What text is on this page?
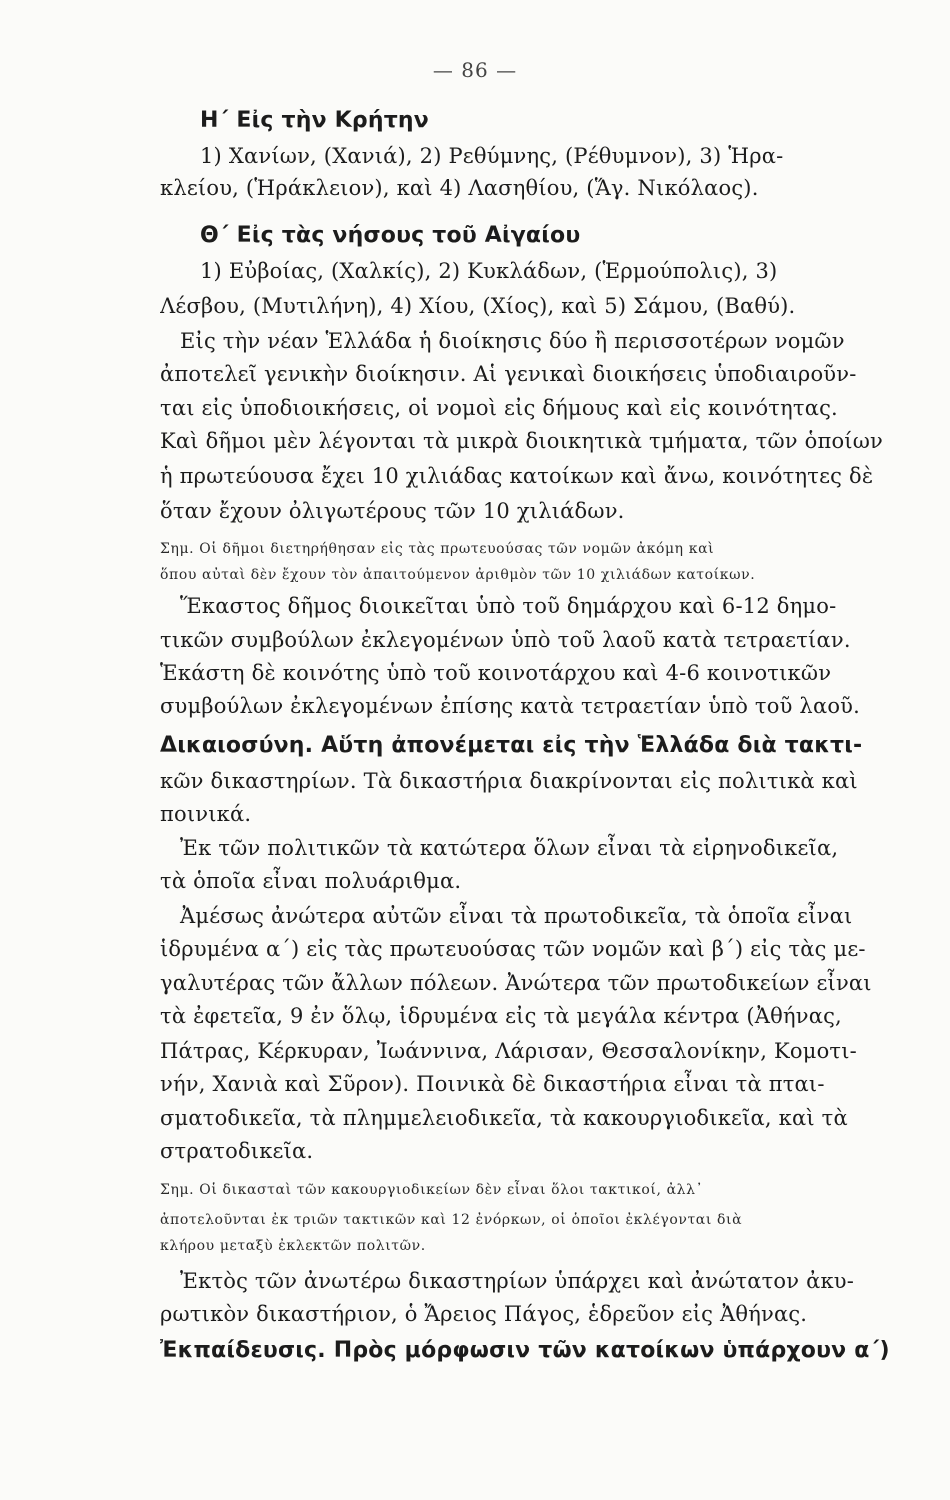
— 86 —
Η΄ Εἰς τὴν Κρήτην
1) Χανίων, (Χανιά), 2) Ρεθύμνης, (Ρέθυμνον), 3) Ἡρα-
κλείου, (Ἡράκλειον), καὶ 4) Λασηθίου, (Ἅγ. Νικόλαος).
Θ΄ Εἰς τὰς νήσους τοῦ Αἰγαίου
1) Εὐβοίας, (Χαλκίς), 2) Κυκλάδων, (Ἑρμούπολις), 3)
Λέσβου, (Μυτιλήνη), 4) Χίου, (Χίος), καὶ 5) Σάμου, (Βαθύ).
Εἰς τὴν νέαν Ἑλλάδα ἡ διοίκησις δύο ἢ περισσοτέρων νομῶν
ἀποτελεῖ γενικὴν διοίκησιν. Αἱ γενικαὶ διοικήσεις ὑποδιαιροῦν-
ται εἰς ὑποδιοικήσεις, οἱ νομοὶ εἰς δήμους καὶ εἰς κοινότητας.
Καὶ δῆμοι μὲν λέγονται τὰ μικρὰ διοικητικὰ τμήματα, τῶν ὁποίων
ἡ πρωτεύουσα ἔχει 10 χιλιάδας κατοίκων καὶ ἄνω, κοινότητες δὲ
ὅταν ἔχουν ὀλιγωτέρους τῶν 10 χιλιάδων.
Σημ. Οἱ δῆμοι διετηρήθησαν εἰς τὰς πρωτευούσας τῶν νομῶν ἀκόμη καὶ
ὅπου αὐταὶ δὲν ἔχουν τὸν ἀπαιτούμενον ἀριθμὸν τῶν 10 χιλιάδων κατοίκων.
Ἕκαστος δῆμος διοικεῖται ὑπὸ τοῦ δημάρχου καὶ 6-12 δημο-
τικῶν συμβούλων ἐκλεγομένων ὑπὸ τοῦ λαοῦ κατὰ τετραετίαν.
Ἑκάστη δὲ κοινότης ὑπὸ τοῦ κοινοτάρχου καὶ 4-6 κοινοτικῶν
συμβούλων ἐκλεγομένων ἐπίσης κατὰ τετραετίαν ὑπὸ τοῦ λαοῦ.
Δικαιοσύνη. Αὕτη ἀπονέμεται εἰς τὴν Ἑλλάδα διὰ τακτι-
κῶν δικαστηρίων. Τὰ δικαστήρια διακρίνονται εἰς πολιτικὰ καὶ
ποινικά.
Ἐκ τῶν πολιτικῶν τὰ κατώτερα ὅλων εἶναι τὰ εἰρηνοδικεῖα,
τὰ ὁποῖα εἶναι πολυάριθμα.
Ἀμέσως ἀνώτερα αὐτῶν εἶναι τὰ πρωτοδικεῖα, τὰ ὁποῖα εἶναι
ἱδρυμένα α΄) εἰς τὰς πρωτευούσας τῶν νομῶν καὶ β΄) εἰς τὰς με-
γαλυτέρας τῶν ἄλλων πόλεων. Ἀνώτερα τῶν πρωτοδικείων εἶναι
τὰ ἐφετεῖα, 9 ἐν ὅλῳ, ἱδρυμένα εἰς τὰ μεγάλα κέντρα (Ἀθήνας,
Πάτρας, Κέρκυραν, Ἰωάννινα, Λάρισαν, Θεσσαλονίκην, Κομοτι-
νήν, Χανιὰ καὶ Σῦρον). Ποινικὰ δὲ δικαστήρια εἶναι τὰ πται-
σματοδικεῖα, τὰ πλημμελειοδικεῖα, τὰ κακουργιοδικεῖα, καὶ τὰ
στρατοδικεῖα.
Σημ. Οἱ δικασταὶ τῶν κακουργιοδικείων δὲν εἶναι ὅλοι τακτικοί, ἀλλ᾽
ἀποτελοῦνται ἐκ τριῶν τακτικῶν καὶ 12 ἐνόρκων, οἱ ὁποῖοι ἐκλέγονται διὰ
κλήρου μεταξὺ ἐκλεκτῶν πολιτῶν.
Ἐκτὸς τῶν ἀνωτέρω δικαστηρίων ὑπάρχει καὶ ἀνώτατον ἀκυ-
ρωτικὸν δικαστήριον, ὁ Ἄρειος Πάγος, ἑδρεῦον εἰς Ἀθήνας.
Ἐκπαίδευσις. Πρὸς μόρφωσιν τῶν κατοίκων ὑπάρχουν α΄)
